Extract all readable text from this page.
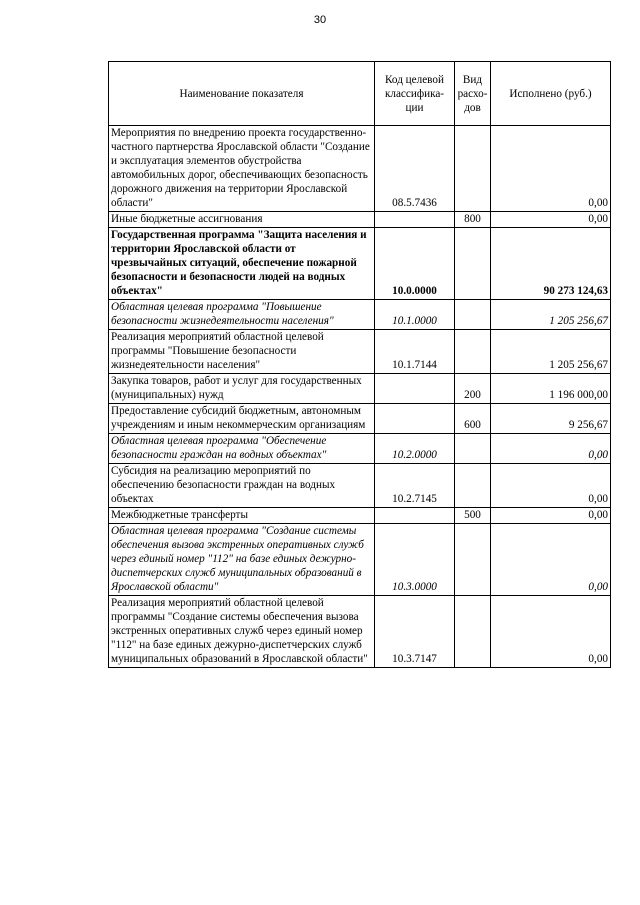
30
Наименование показателя	Код целевой классифика-ции	Вид расхо-дов	Исполнено (руб.)
Мероприятия по внедрению проекта государственно-частного партнерства Ярославской области "Создание и эксплуатация элементов обустройства автомобильных дорог, обеспечивающих безопасность дорожного движения на территории Ярославской области"	08.5.7436		0,00
Иные бюджетные ассигнования		800	0,00
Государственная программа "Защита населения и территории Ярославской области от чрезвычайных ситуаций, обеспечение пожарной безопасности и безопасности людей на водных объектах"	10.0.0000		90 273 124,63
Областная целевая программа "Повышение безопасности жизнедеятельности населения"	10.1.0000		1 205 256,67
Реализация мероприятий областной целевой программы "Повышение безопасности жизнедеятельности населения"	10.1.7144		1 205 256,67
Закупка товаров, работ и услуг для государственных (муниципальных) нужд		200	1 196 000,00
Предоставление субсидий бюджетным, автономным учреждениям и иным некоммерческим организациям		600	9 256,67
Областная целевая программа "Обеспечение безопасности граждан на водных объектах"	10.2.0000		0,00
Субсидия на реализацию мероприятий по обеспечению безопасности граждан на водных объектах	10.2.7145		0,00
Межбюджетные трансферты		500	0,00
Областная целевая программа "Создание системы обеспечения вызова экстренных оперативных служб через единый номер "112" на базе единых дежурно-диспетчерских служб муниципальных образований в Ярославской области"	10.3.0000		0,00
Реализация мероприятий областной целевой программы "Создание системы обеспечения вызова экстренных оперативных служб через единый номер "112" на базе единых дежурно-диспетчерских служб муниципальных образований в Ярославской области"	10.3.7147		0,00
